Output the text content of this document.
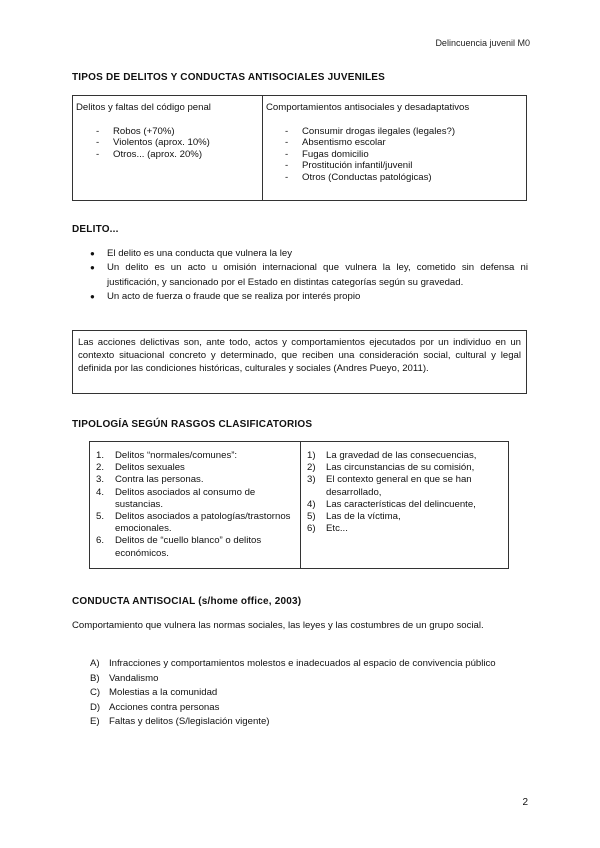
Delincuencia juvenil M0
TIPOS DE DELITOS Y CONDUCTAS ANTISOCIALES JUVENILES
Delitos y faltas del código penal
- Robos (+70%)
- Violentos (aprox. 10%)
- Otros... (aprox. 20%)
Comportamientos antisociales y desadaptativos
- Consumir drogas ilegales (legales?)
- Absentismo escolar
- Fugas domicilio
- Prostitución infantil/juvenil
- Otros (Conductas patológicas)
DELITO...
● El delito es una conducta que vulnera la ley
● Un delito es un acto u omisión internacional que vulnera la ley, cometido sin defensa ni justificación, y sancionado por el Estado en distintas categorías según su gravedad.
● Un acto de fuerza o fraude que se realiza por interés propio
Las acciones delictivas son, ante todo, actos y comportamientos ejecutados por un individuo en un contexto situacional concreto y determinado, que reciben una consideración social, cultural y legal definida por las condiciones históricas, culturales y sociales (Andres Pueyo, 2011).
TIPOLOGÍA SEGÚN RASGOS CLASIFICATORIOS
1. Delitos “normales/comunes”:
2. Delitos sexuales
3. Contra las personas.
4. Delitos asociados al consumo de sustancias.
5. Delitos asociados a patologías/trastornos emocionales.
6. Delitos de “cuello blanco” o delitos económicos.
1) La gravedad de las consecuencias,
2) Las circunstancias de su comisión,
3) El contexto general en que se han desarrollado,
4) Las características del delincuente,
5) Las de la víctima,
6) Etc...
CONDUCTA ANTISOCIAL (s/home office, 2003)
Comportamiento que vulnera las normas sociales, las leyes y las costumbres de un grupo social.
A) Infracciones y comportamientos molestos e inadecuados al espacio de convivencia público
B) Vandalismo
C) Molestias a la comunidad
D) Acciones contra personas
E) Faltas y delitos (S/legislación vigente)
2
